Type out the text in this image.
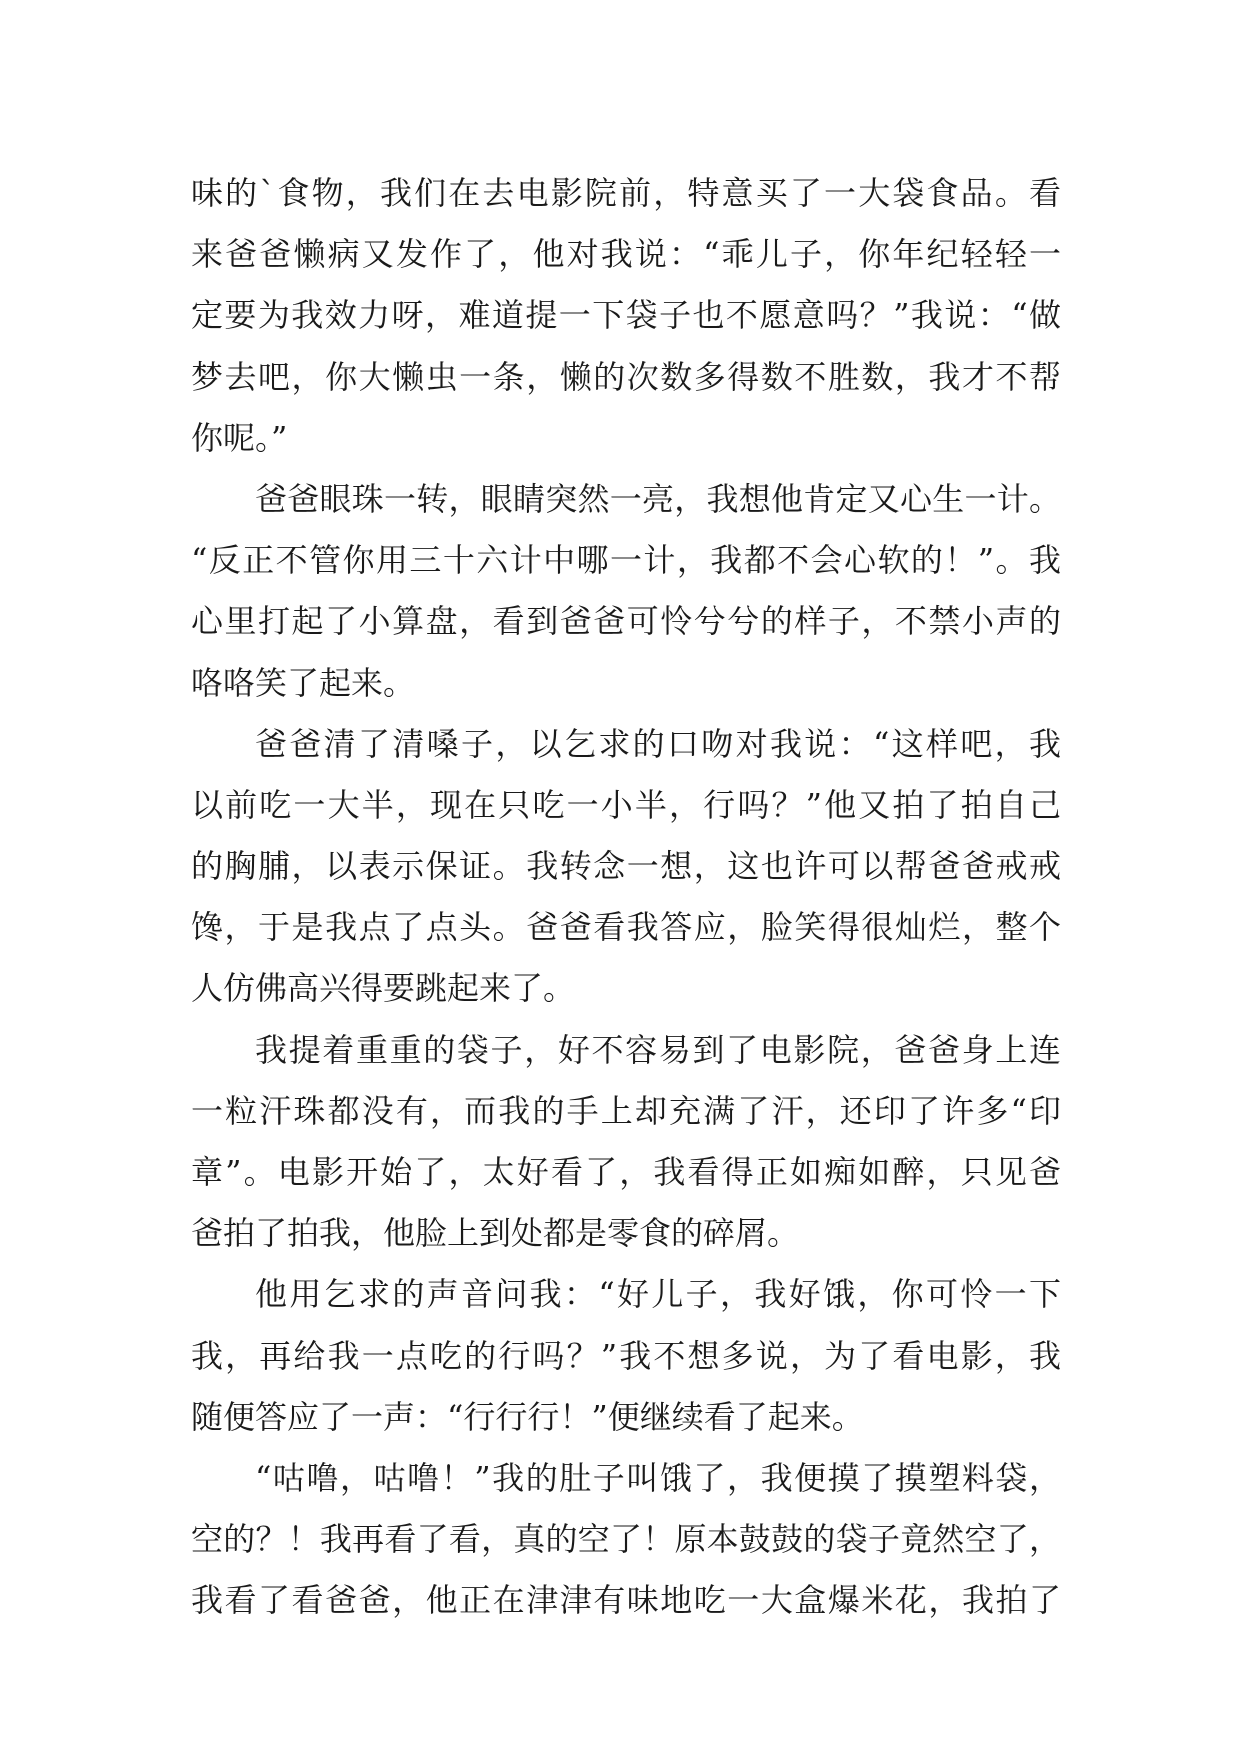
味的`食物，我们在去电影院前，特意买了一大袋食品。看
来爸爸懒病又发作了，他对我说：“乖儿子，你年纪轻轻一
定要为我效力呀，难道提一下袋子也不愿意吗？”我说：“做
梦去吧，你大懒虫一条，懒的次数多得数不胜数，我才不帮
你呢。”
爸爸眼珠一转，眼睛突然一亮，我想他肯定又心生一计。
“反正不管你用三十六计中哪一计，我都不会心软的！”。我
心里打起了小算盘，看到爸爸可怜兮兮的样子，不禁小声的
咯咯笑了起来。
爸爸清了清嗓子，以乞求的口吻对我说：“这样吧，我
以前吃一大半，现在只吃一小半，行吗？”他又拍了拍自己
的胸脯，以表示保证。我转念一想，这也许可以帮爸爸戒戒
馋，于是我点了点头。爸爸看我答应，脸笑得很灿烂，整个
人仿佛高兴得要跳起来了。
我提着重重的袋子，好不容易到了电影院，爸爸身上连
一粒汗珠都没有，而我的手上却充满了汗，还印了许多“印
章”。电影开始了，太好看了，我看得正如痴如醉，只见爸
爸拍了拍我，他脸上到处都是零食的碎屑。
他用乞求的声音问我：“好儿子，我好饿，你可怜一下
我，再给我一点吃的行吗？”我不想多说，为了看电影，我
随便答应了一声：“行行行！”便继续看了起来。
“咕噜，咕噜！”我的肚子叫饿了，我便摸了摸塑料袋，
空的？！我再看了看，真的空了！原本鼓鼓的袋子竟然空了，
我看了看爸爸，他正在津津有味地吃一大盒爆米花，我拍了
